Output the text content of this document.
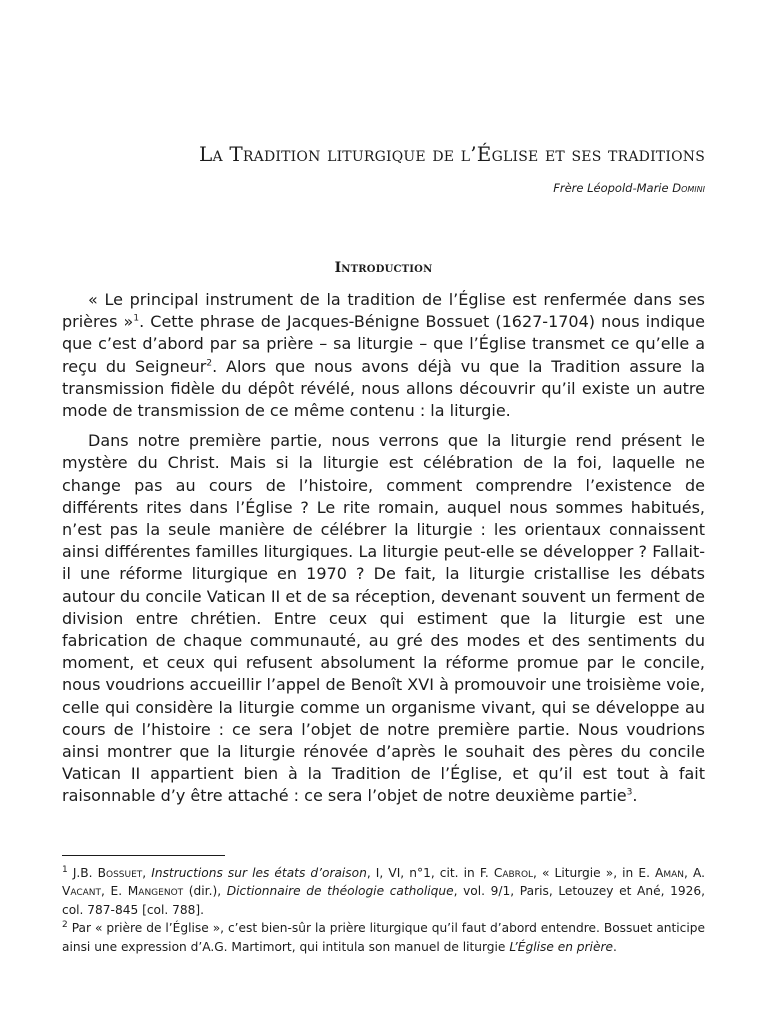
La Tradition liturgique de l’Église et ses traditions

Frère Léopold-Marie Domini

Introduction

« Le principal instrument de la tradition de l’Église est renfermée dans ses prières »$^1$. Cette phrase de Jacques-Bénigne Bossuet (1627-1704) nous indique que c’est d’abord par sa prière – sa liturgie – que l’Église transmet ce qu’elle a reçu du Seigneur$^2$. Alors que nous avons déjà vu que la Tradition assure la transmission fidèle du dépôt révélé, nous allons découvrir qu’il existe un autre mode de transmission de ce même contenu : la liturgie.

Dans notre première partie, nous verrons que la liturgie rend présent le mystère du Christ. Mais si la liturgie est célébration de la foi, laquelle ne change pas au cours de l’histoire, comment comprendre l’existence de différents rites dans l’Église ? Le rite romain, auquel nous sommes habitués, n’est pas la seule manière de célébrer la liturgie : les orientaux connaissent ainsi différentes familles liturgiques. La liturgie peut-elle se développer ? Fallait-il une réforme liturgique en 1970 ? De fait, la liturgie cristallise les débats autour du concile Vatican II et de sa réception, devenant souvent un ferment de division entre chrétien. Entre ceux qui estiment que la liturgie est une fabrication de chaque communauté, au gré des modes et des sentiments du moment, et ceux qui refusent absolument la réforme promue par le concile, nous voudrions accueillir l’appel de Benoît XVI à promouvoir une troisième voie, celle qui considère la liturgie comme un organisme vivant, qui se développe au cours de l’histoire : ce sera l’objet de notre première partie. Nous voudrions ainsi montrer que la liturgie rénovée d’après le souhait des pères du concile Vatican II appartient bien à la Tradition de l’Église, et qu’il est tout à fait raisonnable d’y être attaché : ce sera l’objet de notre deuxième partie$^3$.

$^1$ J.B. Bossuet, Instructions sur les états d’oraison, I, VI, n°1, cit. in F. Cabrol, « Liturgie », in E. Aman, A. Vacant, E. Mangenot (dir.), Dictionnaire de théologie catholique, vol. 9/1, Paris, Letouzey et Ané, 1926, col. 787-845 [col. 788].

$^2$ Par « prière de l’Église », c’est bien-sûr la prière liturgique qu’il faut d’abord entendre. Bossuet anticipe ainsi une expression d’A.G. Martimort, qui intitula son manuel de liturgie L’Église en prière.
